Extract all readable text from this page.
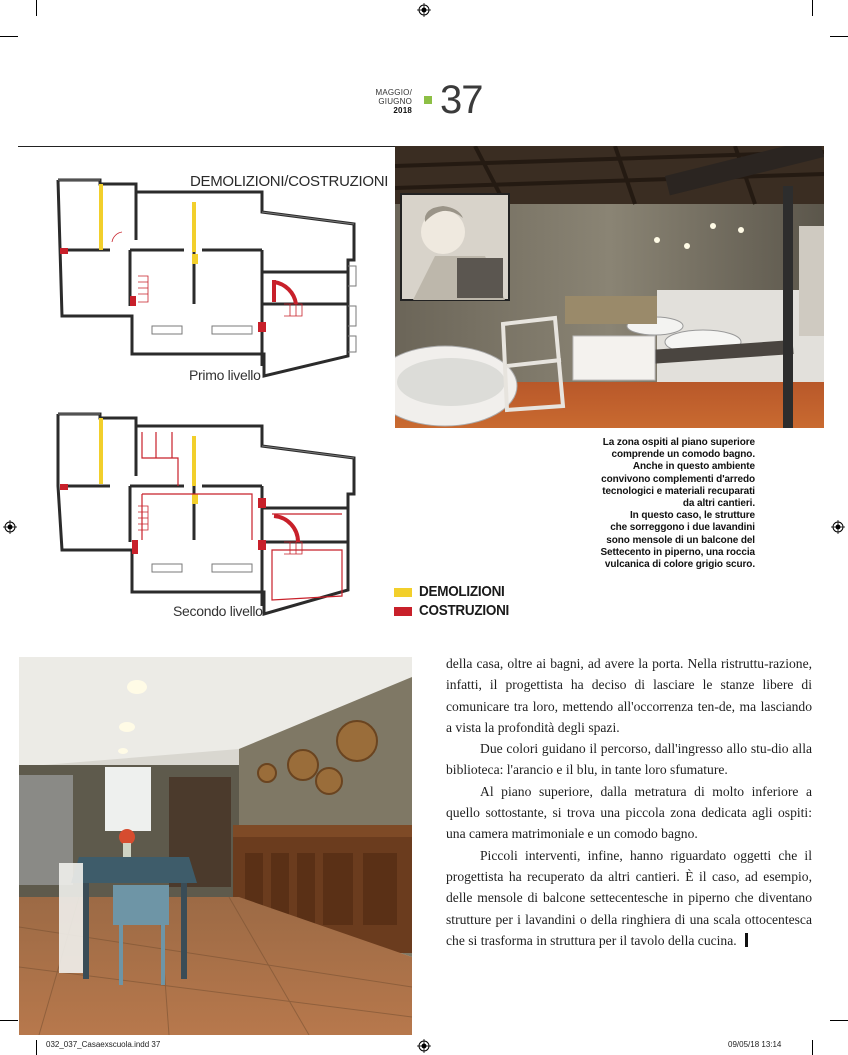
MAGGIO/
GIUGNO
2018 37
DEMOLIZIONI/COSTRUZIONI
Primo livello
Secondo livello
DEMOLIZIONI
COSTRUZIONI

La zona ospiti al piano superiore

comprende un comodo bagno.

Anche in questo ambiente

convivono complementi d'arredo

tecnologici e materiali recuparati

da altri cantieri.

In questo caso, le strutture

che sorreggono i due lavandini

sono mensole di un balcone del

Settecento in piperno, una roccia

vulcanica di colore grigio scuro.

della casa, oltre ai bagni, ad avere la porta. Nella ristruttu-razione, infatti, il progettista ha deciso di lasciare le stanze libere di comunicare tra loro, mettendo all'occorrenza ten-de, ma lasciando a vista la profondità degli spazi.

Due colori guidano il percorso, dall'ingresso allo stu-dio alla biblioteca: l'arancio e il blu, in tante loro sfumature.

Al piano superiore, dalla metratura di molto inferiore a quello sottostante, si trova una piccola zona dedicata agli ospiti: una camera matrimoniale e un comodo bagno.

Piccoli interventi, infine, hanno riguardato oggetti che il progettista ha recuperato da altri cantieri. È il caso, ad esempio, delle mensole di balcone settecentesche in piperno che diventano strutture per i lavandini o della ringhiera di una scala ottocentesca che si trasforma in struttura per il tavolo della cucina.

032_037_Casaexscuola.indd 37	09/05/18 13:14
